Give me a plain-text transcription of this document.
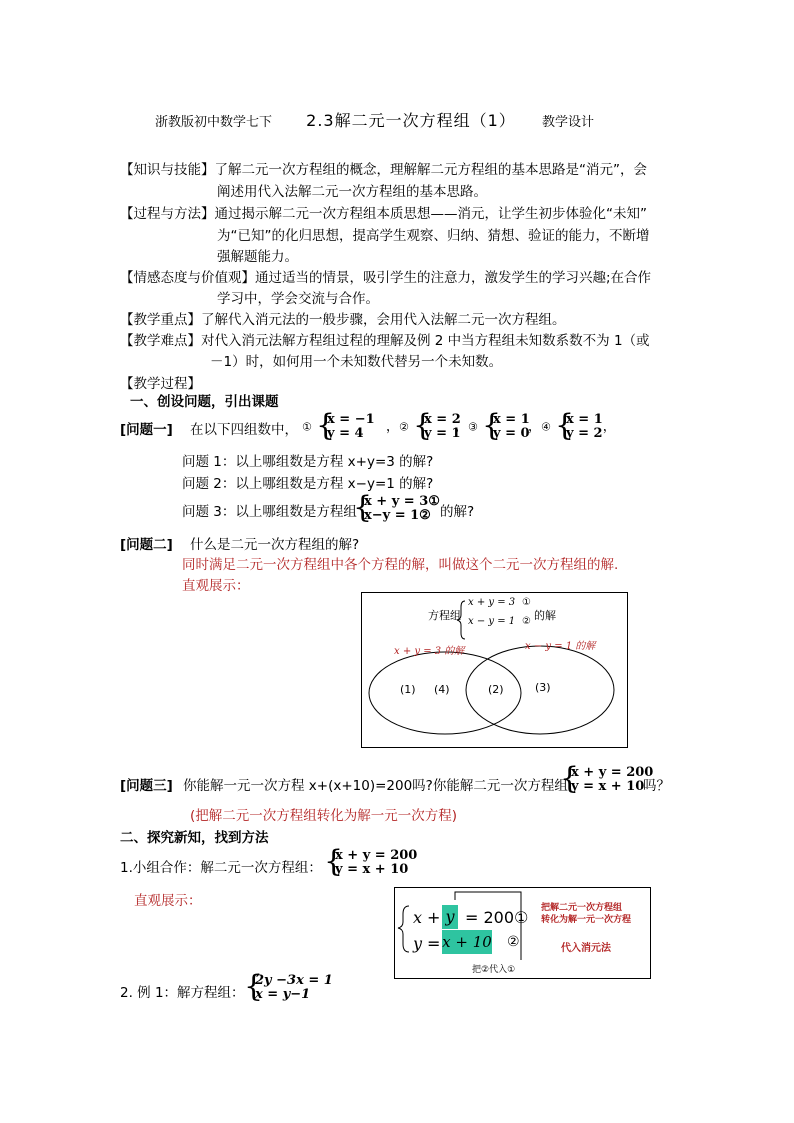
浙教版初中数学七下 2.3解二元一次方程组（1） 教学设计
【知识与技能】了解二元一次方程组的概念，理解解二元方程组的基本思路是“消元”，会
阐述用代入法解二元一次方程组的基本思路。
【过程与方法】通过揭示解二元一次方程组本质思想——消元，让学生初步体验化“未知”
为“已知”的化归思想，提高学生观察、归纳、猜想、验证的能力，不断增
强解题能力。
【情感态度与价值观】通过适当的情景，吸引学生的注意力，激发学生的学习兴趣;在合作
学习中，学会交流与合作。
【教学重点】了解代入消元法的一般步骤，会用代入法解二元一次方程组。
【教学难点】对代入消元法解方程组过程的理解及例 2 中当方程组未知数系数不为 1（或
－1）时，如何用一个未知数代替另一个未知数。
【教学过程】
一、创设问题，引出课题
[问题一] 在以下四组数中， ① {
x = −1
y = 4	，② {
x = 2
y = 1
，③ {
x = 1
y = 0
，④ {
x = 1
y = 2，
问题 1：以上哪组数是方程 x+y=3 的解?
问题 2：以上哪组数是方程 x−y=1 的解?
问题 3：以上哪组数是方程组
{
x + y = 3①
x−y = 1② 的解?
[问题二] 什么是二元一次方程组的解?
同时满足二元一次方程组中各个方程的解，叫做这个二元一次方程组的解.
直观展示：
方程组
x + y = 3 ①
x − y = 1 ② 的解
x + y = 3 的解	x − y = 1 的解
(1) (4)	(2)	(3)
[问题三] 你能解一元一次方程 x+(x+10)=200吗?你能解二元一次方程组
{
x + y = 200
y = x + 10
吗？
(把解二元一次方程组转化为解一元一次方程)
二、探究新知，找到方法
1.小组合作：解二元一次方程组： {
x + y = 200
y = x + 10
直观展示：
x + y = 200①
y = x + 10 ②
把②代入①
把解二元一次方程组
转化为解一元一次方程
代入消元法
2. 例 1：解方程组： {
2y −3x = 1
x = y−1
